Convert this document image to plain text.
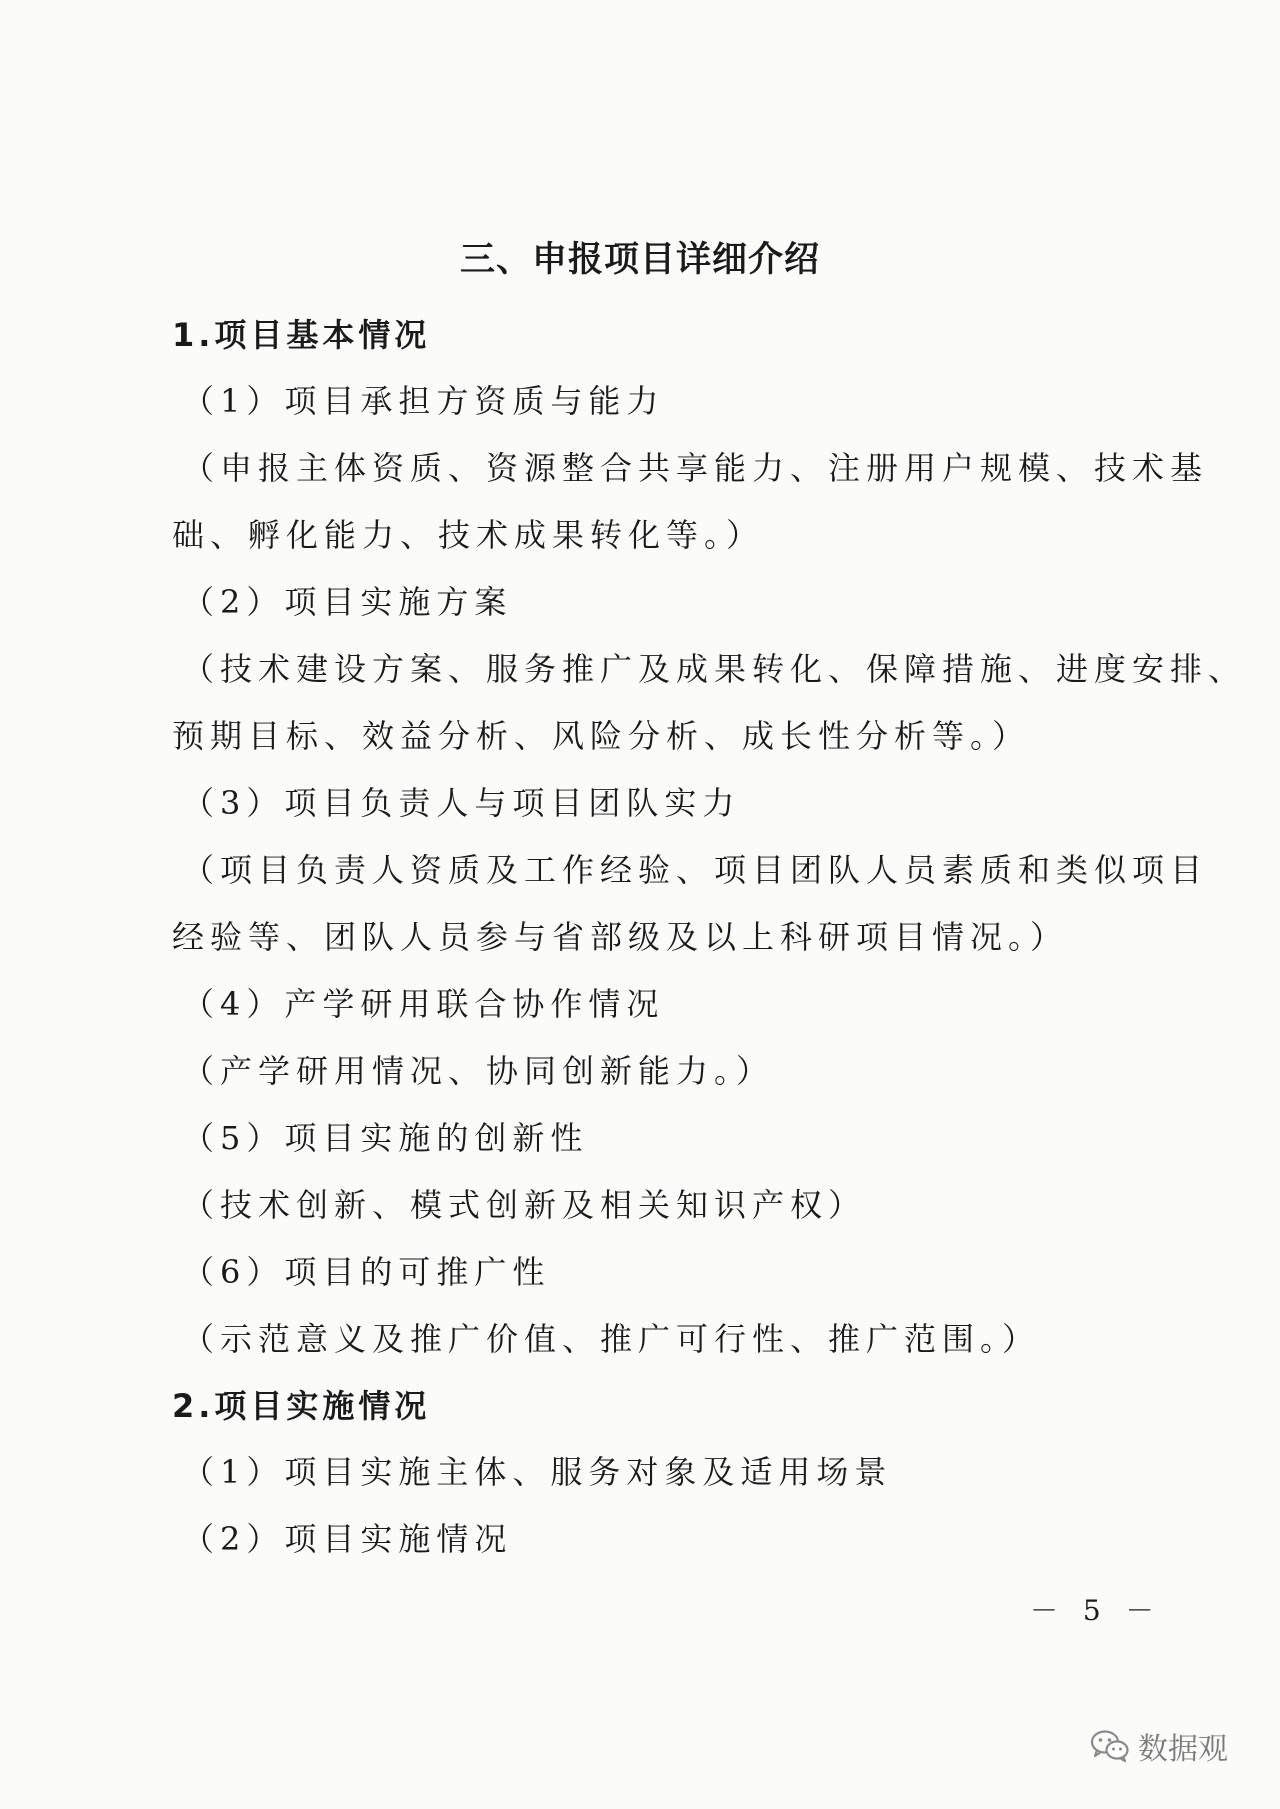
三、申报项目详细介绍
1.项目基本情况
（1）项目承担方资质与能力
（申报主体资质、资源整合共享能力、注册用户规模、技术基
础、孵化能力、技术成果转化等。）
（2）项目实施方案
（技术建设方案、服务推广及成果转化、保障措施、进度安排、
预期目标、效益分析、风险分析、成长性分析等。）
（3）项目负责人与项目团队实力
（项目负责人资质及工作经验、项目团队人员素质和类似项目
经验等、团队人员参与省部级及以上科研项目情况。）
（4）产学研用联合协作情况
（产学研用情况、协同创新能力。）
（5）项目实施的创新性
（技术创新、模式创新及相关知识产权）
（6）项目的可推广性
（示范意义及推广价值、推广可行性、推广范围。）
2.项目实施情况
（1）项目实施主体、服务对象及适用场景
（2）项目实施情况
－ 5 －
数据观
